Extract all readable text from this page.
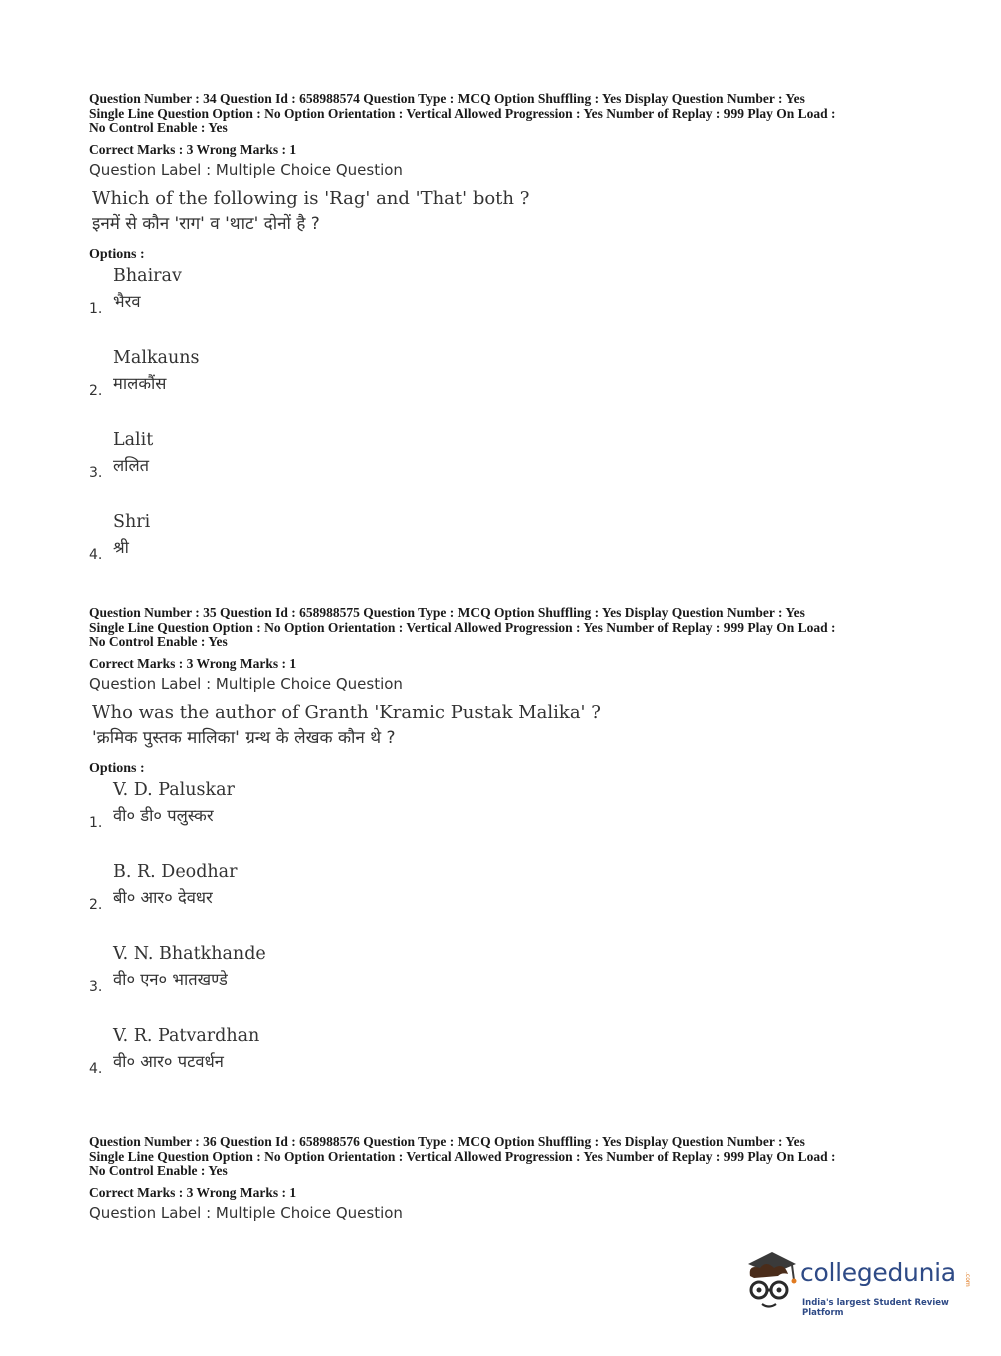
Question Number : 34 Question Id : 658988574 Question Type : MCQ Option Shuffling : Yes Display Question Number : Yes
Single Line Question Option : No Option Orientation : Vertical Allowed Progression : Yes Number of Replay : 999 Play On Load :
No Control Enable : Yes

Correct Marks : 3 Wrong Marks : 1
Question Label : Multiple Choice Question
Which of the following is 'Rag' and 'That' both ?
इनमें से कौन 'राग' व 'थाट' दोनों है ?
Options :
Bhairav
भैरव
1.
Malkauns
मालकौंस
2.
Lalit
ललित
3.
Shri
श्री
4.

Question Number : 35 Question Id : 658988575 Question Type : MCQ Option Shuffling : Yes Display Question Number : Yes
Single Line Question Option : No Option Orientation : Vertical Allowed Progression : Yes Number of Replay : 999 Play On Load :
No Control Enable : Yes

Correct Marks : 3 Wrong Marks : 1
Question Label : Multiple Choice Question
Who was the author of Granth 'Kramic Pustak Malika' ?
'क्रमिक पुस्तक मालिका' ग्रन्थ के लेखक कौन थे ?
Options :
V. D. Paluskar
वी० डी० पलुस्कर
1.
B. R. Deodhar
बी० आर० देवधर
2.
V. N. Bhatkhande
वी० एन० भातखण्डे
3.
V. R. Patvardhan
वी० आर० पटवर्धन
4.

Question Number : 36 Question Id : 658988576 Question Type : MCQ Option Shuffling : Yes Display Question Number : Yes
Single Line Question Option : No Option Orientation : Vertical Allowed Progression : Yes Number of Replay : 999 Play On Load :
No Control Enable : Yes

Correct Marks : 3 Wrong Marks : 1
Question Label : Multiple Choice Question
collegedunia .com
India's largest Student Review Platform
